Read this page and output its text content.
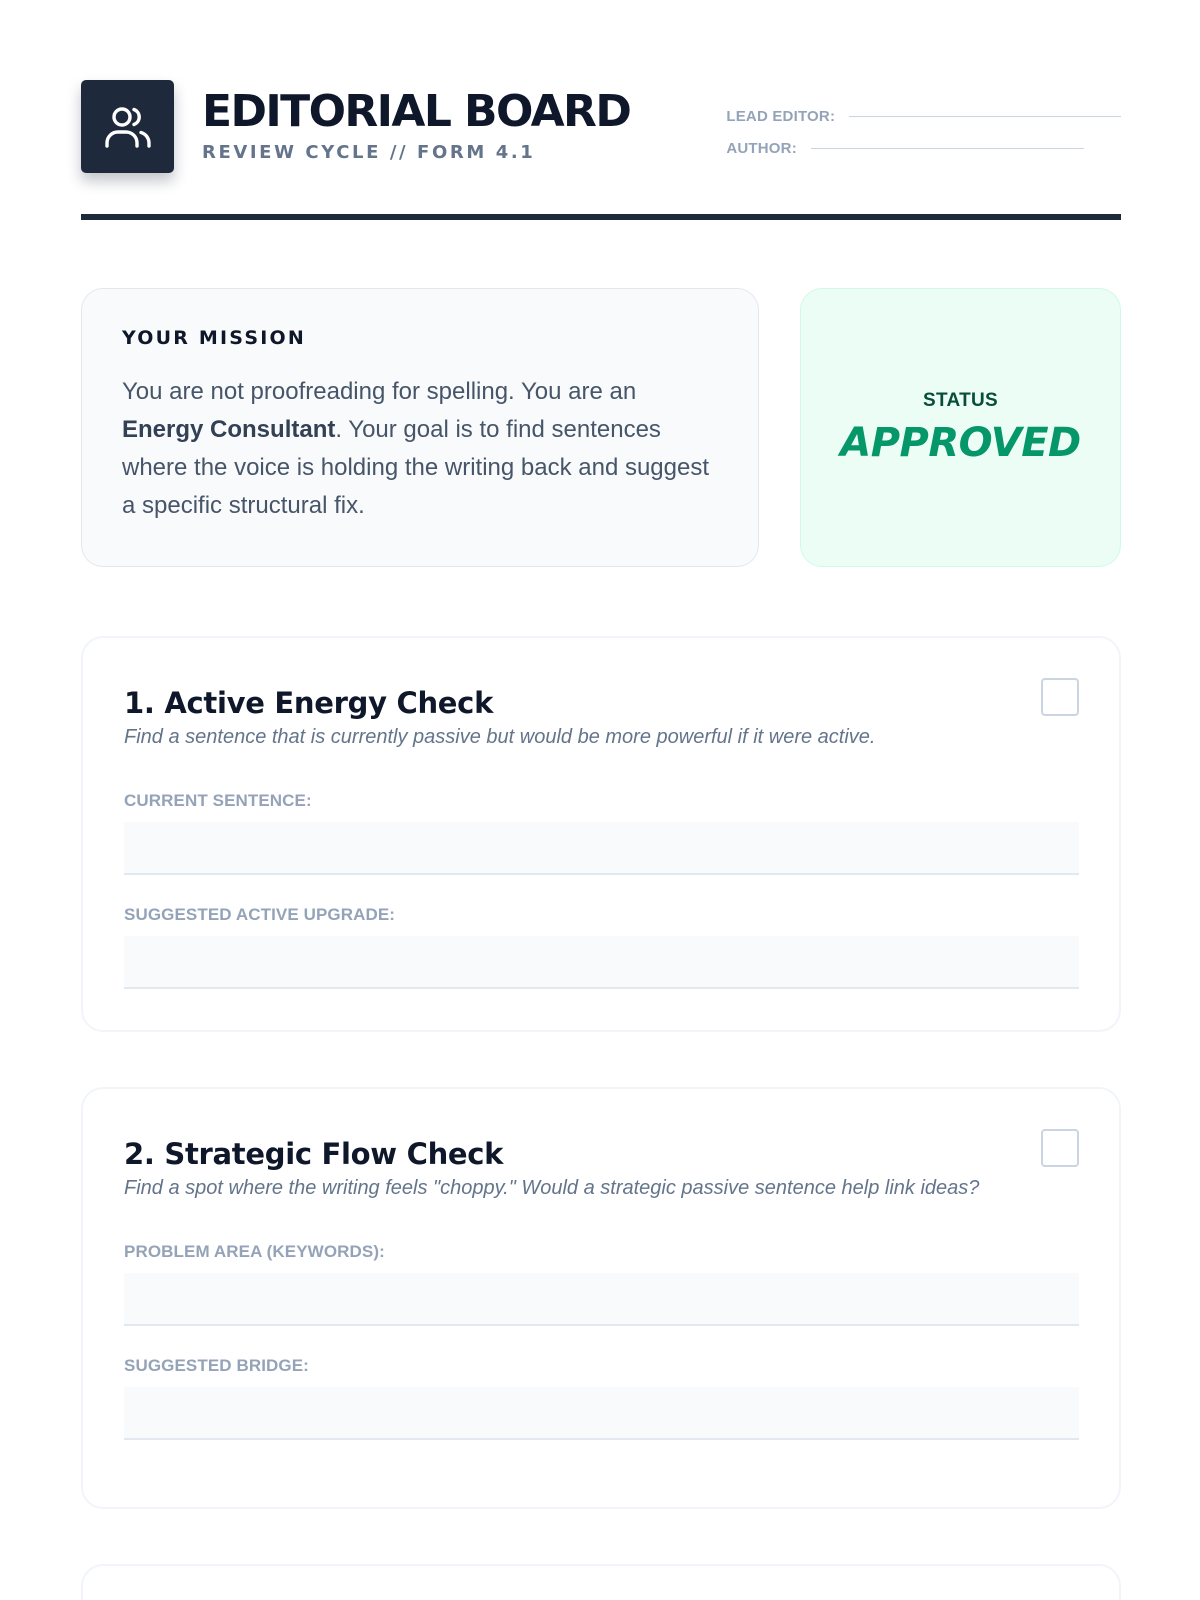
EDITORIAL BOARD
REVIEW CYCLE // FORM 4.1
LEAD EDITOR:
AUTHOR:
YOUR MISSION
You are not proofreading for spelling. You are an Energy Consultant. Your goal is to find sentences where the voice is holding the writing back and suggest a specific structural fix.
STATUS
APPROVED
1. Active Energy Check
Find a sentence that is currently passive but would be more powerful if it were active.
CURRENT SENTENCE:
SUGGESTED ACTIVE UPGRADE:
2. Strategic Flow Check
Find a spot where the writing feels "choppy." Would a strategic passive sentence help link ideas?
PROBLEM AREA (KEYWORDS):
SUGGESTED BRIDGE:
